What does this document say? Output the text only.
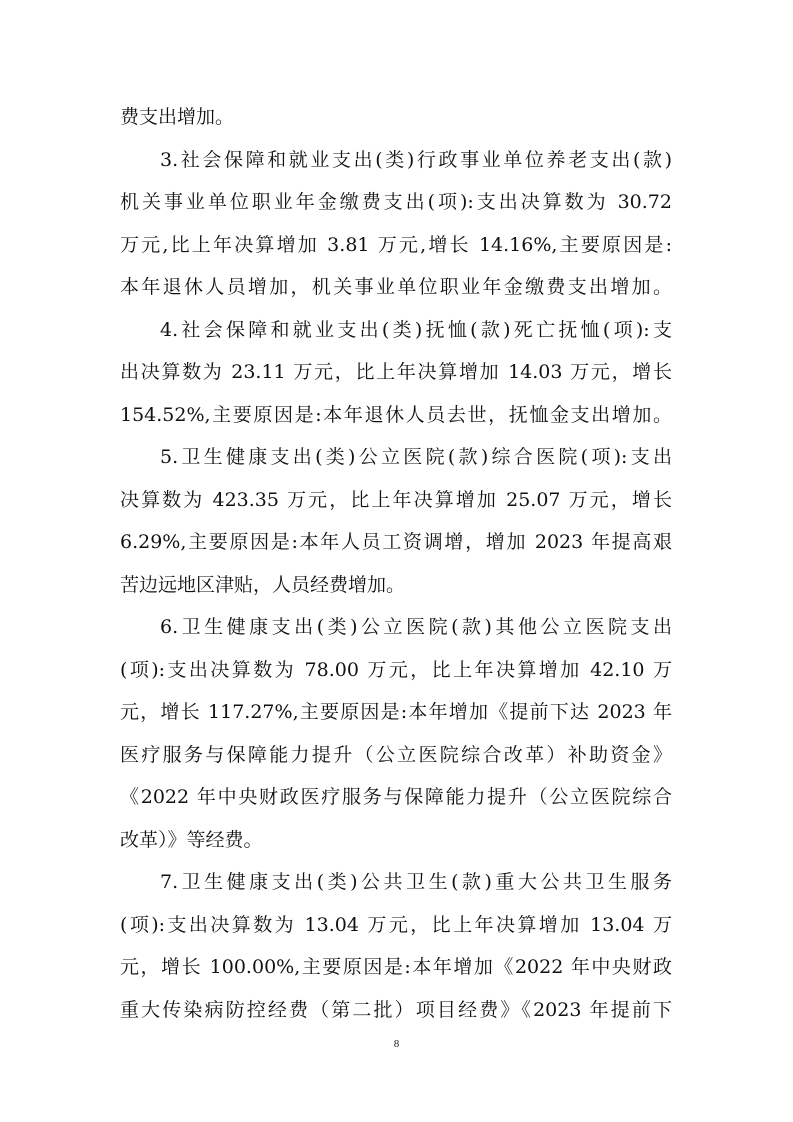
费支出增加。
3.社会保障和就业支出(类)行政事业单位养老支出(款)
机关事业单位职业年金缴费支出(项):支出决算数为 30.72
万元,比上年决算增加 3.81 万元,增长 14.16%,主要原因是:
本年退休人员增加，机关事业单位职业年金缴费支出增加。
4.社会保障和就业支出(类)抚恤(款)死亡抚恤(项):支
出决算数为 23.11 万元，比上年决算增加 14.03 万元，增长
154.52%,主要原因是:本年退休人员去世，抚恤金支出增加。
5.卫生健康支出(类)公立医院(款)综合医院(项):支出
决算数为 423.35 万元，比上年决算增加 25.07 万元，增长
6.29%,主要原因是:本年人员工资调增，增加 2023 年提高艰
苦边远地区津贴，人员经费增加。
6.卫生健康支出(类)公立医院(款)其他公立医院支出
(项):支出决算数为 78.00 万元，比上年决算增加 42.10 万
元，增长 117.27%,主要原因是:本年增加《提前下达 2023 年
医疗服务与保障能力提升（公立医院综合改革）补助资金》
《2022 年中央财政医疗服务与保障能力提升（公立医院综合
改革）》等经费。
7.卫生健康支出(类)公共卫生(款)重大公共卫生服务
(项):支出决算数为 13.04 万元，比上年决算增加 13.04 万
元，增长 100.00%,主要原因是:本年增加《2022 年中央财政
重大传染病防控经费（第二批）项目经费》《2023 年提前下
8
